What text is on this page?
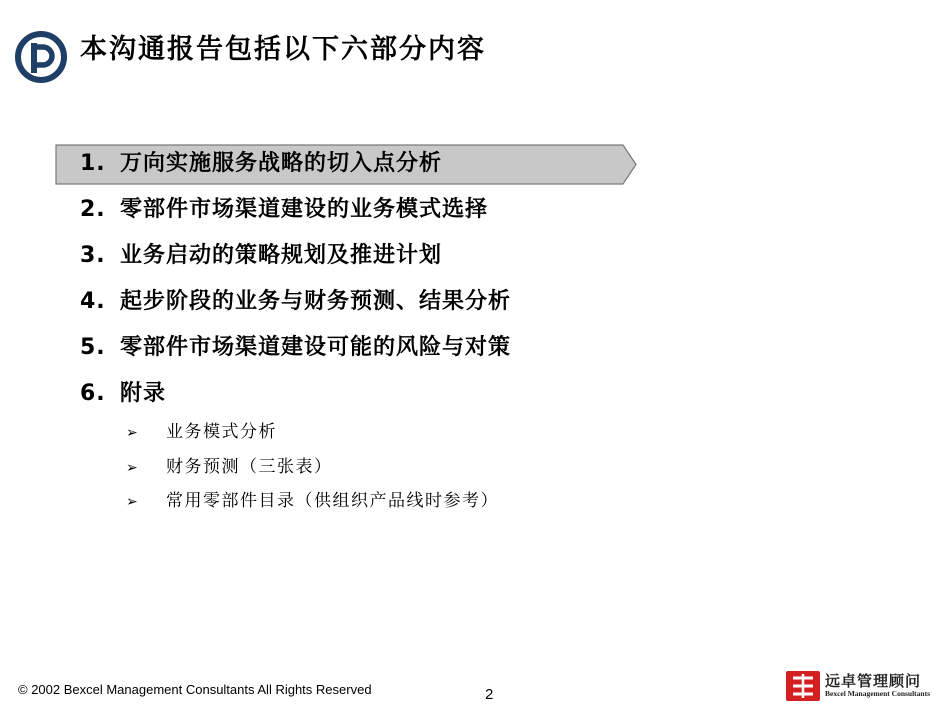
本沟通报告包括以下六部分内容
1. 万向实施服务战略的切入点分析
2. 零部件市场渠道建设的业务模式选择
3. 业务启动的策略规划及推进计划
4. 起步阶段的业务与财务预测、结果分析
5. 零部件市场渠道建设可能的风险与对策
6. 附录
➢ 业务模式分析
➢ 财务预测（三张表）
➢ 常用零部件目录（供组织产品线时参考）
© 2002 Bexcel Management Consultants All Rights Reserved	2
远卓管理顾问
Bexcel Management Consultants
